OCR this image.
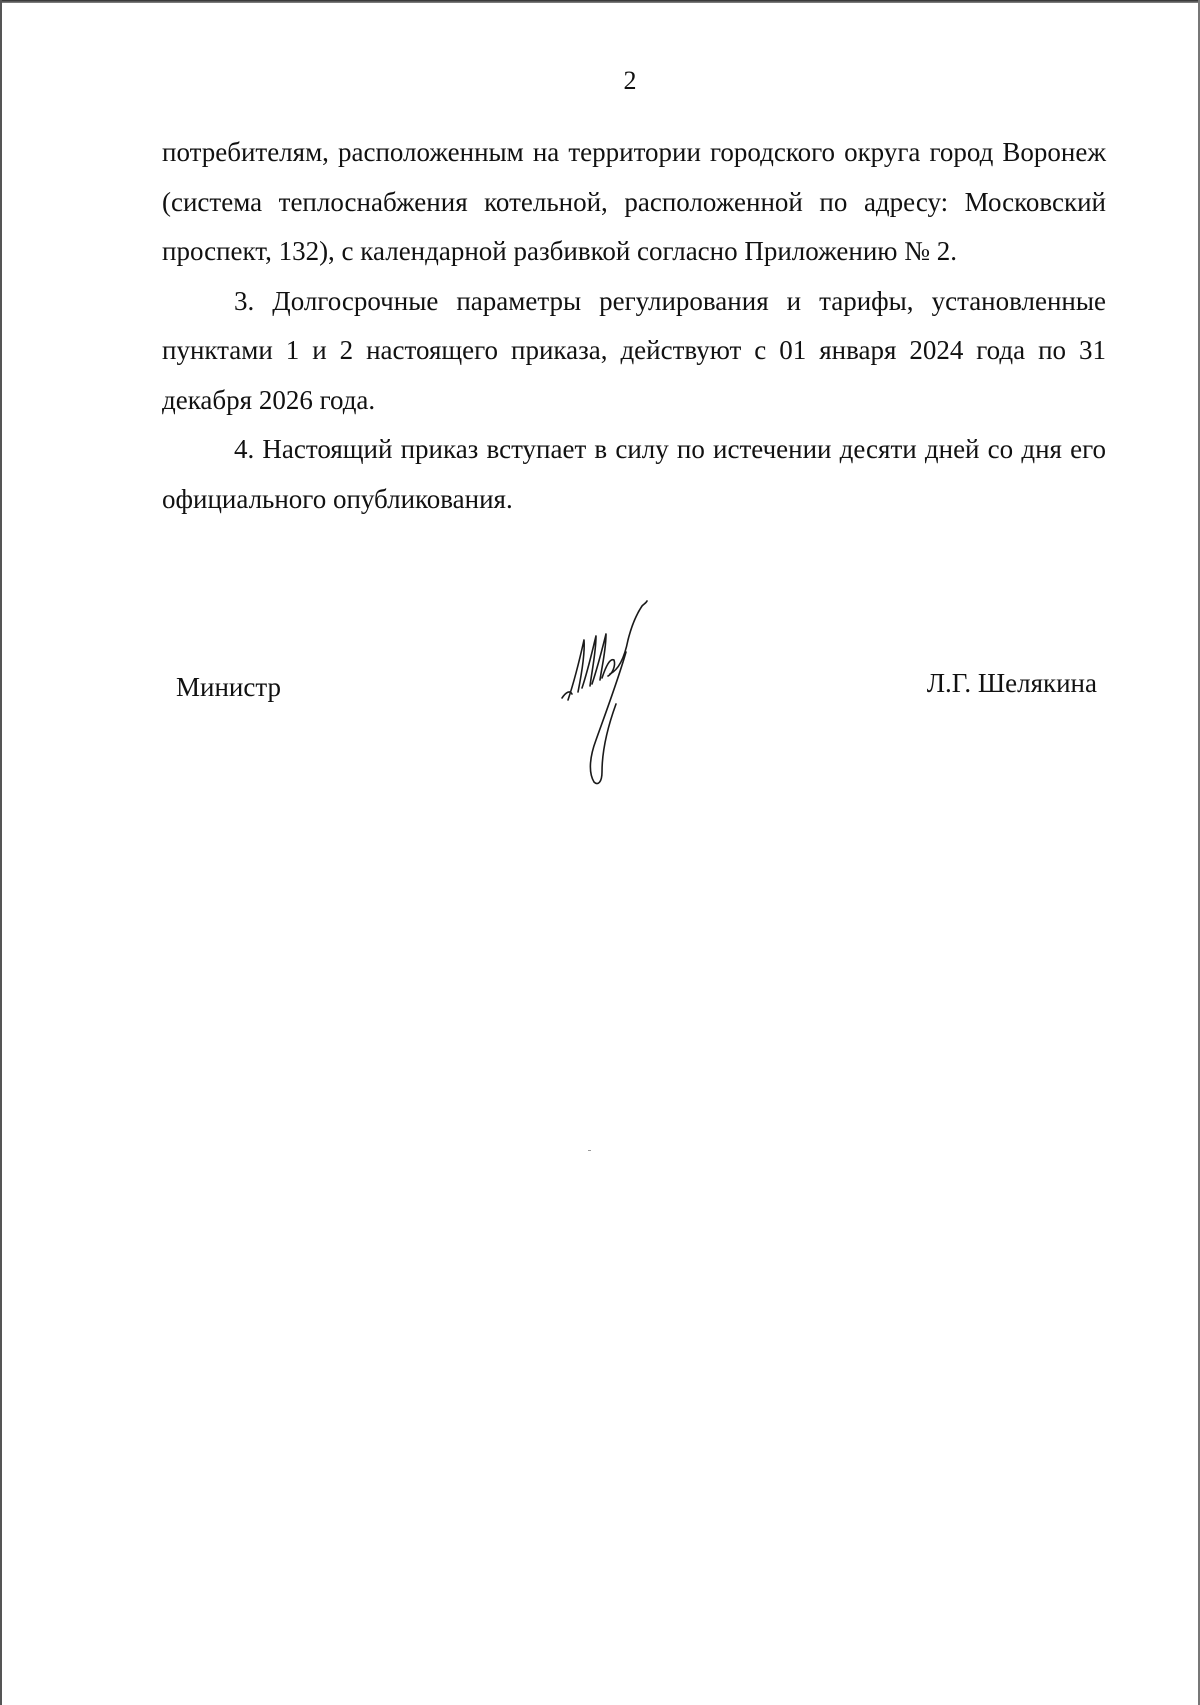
2

потребителям, расположенным на территории городского округа город Воронеж (система теплоснабжения котельной, расположенной по адресу: Московский проспект, 132), с календарной разбивкой согласно Приложению № 2.

3. Долгосрочные параметры регулирования и тарифы, установленные пунктами 1 и 2 настоящего приказа, действуют с 01 января 2024 года по 31 декабря 2026 года.

4. Настоящий приказ вступает в силу по истечении десяти дней со дня его официального опубликования.

Министр	Л.Г. Шелякина
